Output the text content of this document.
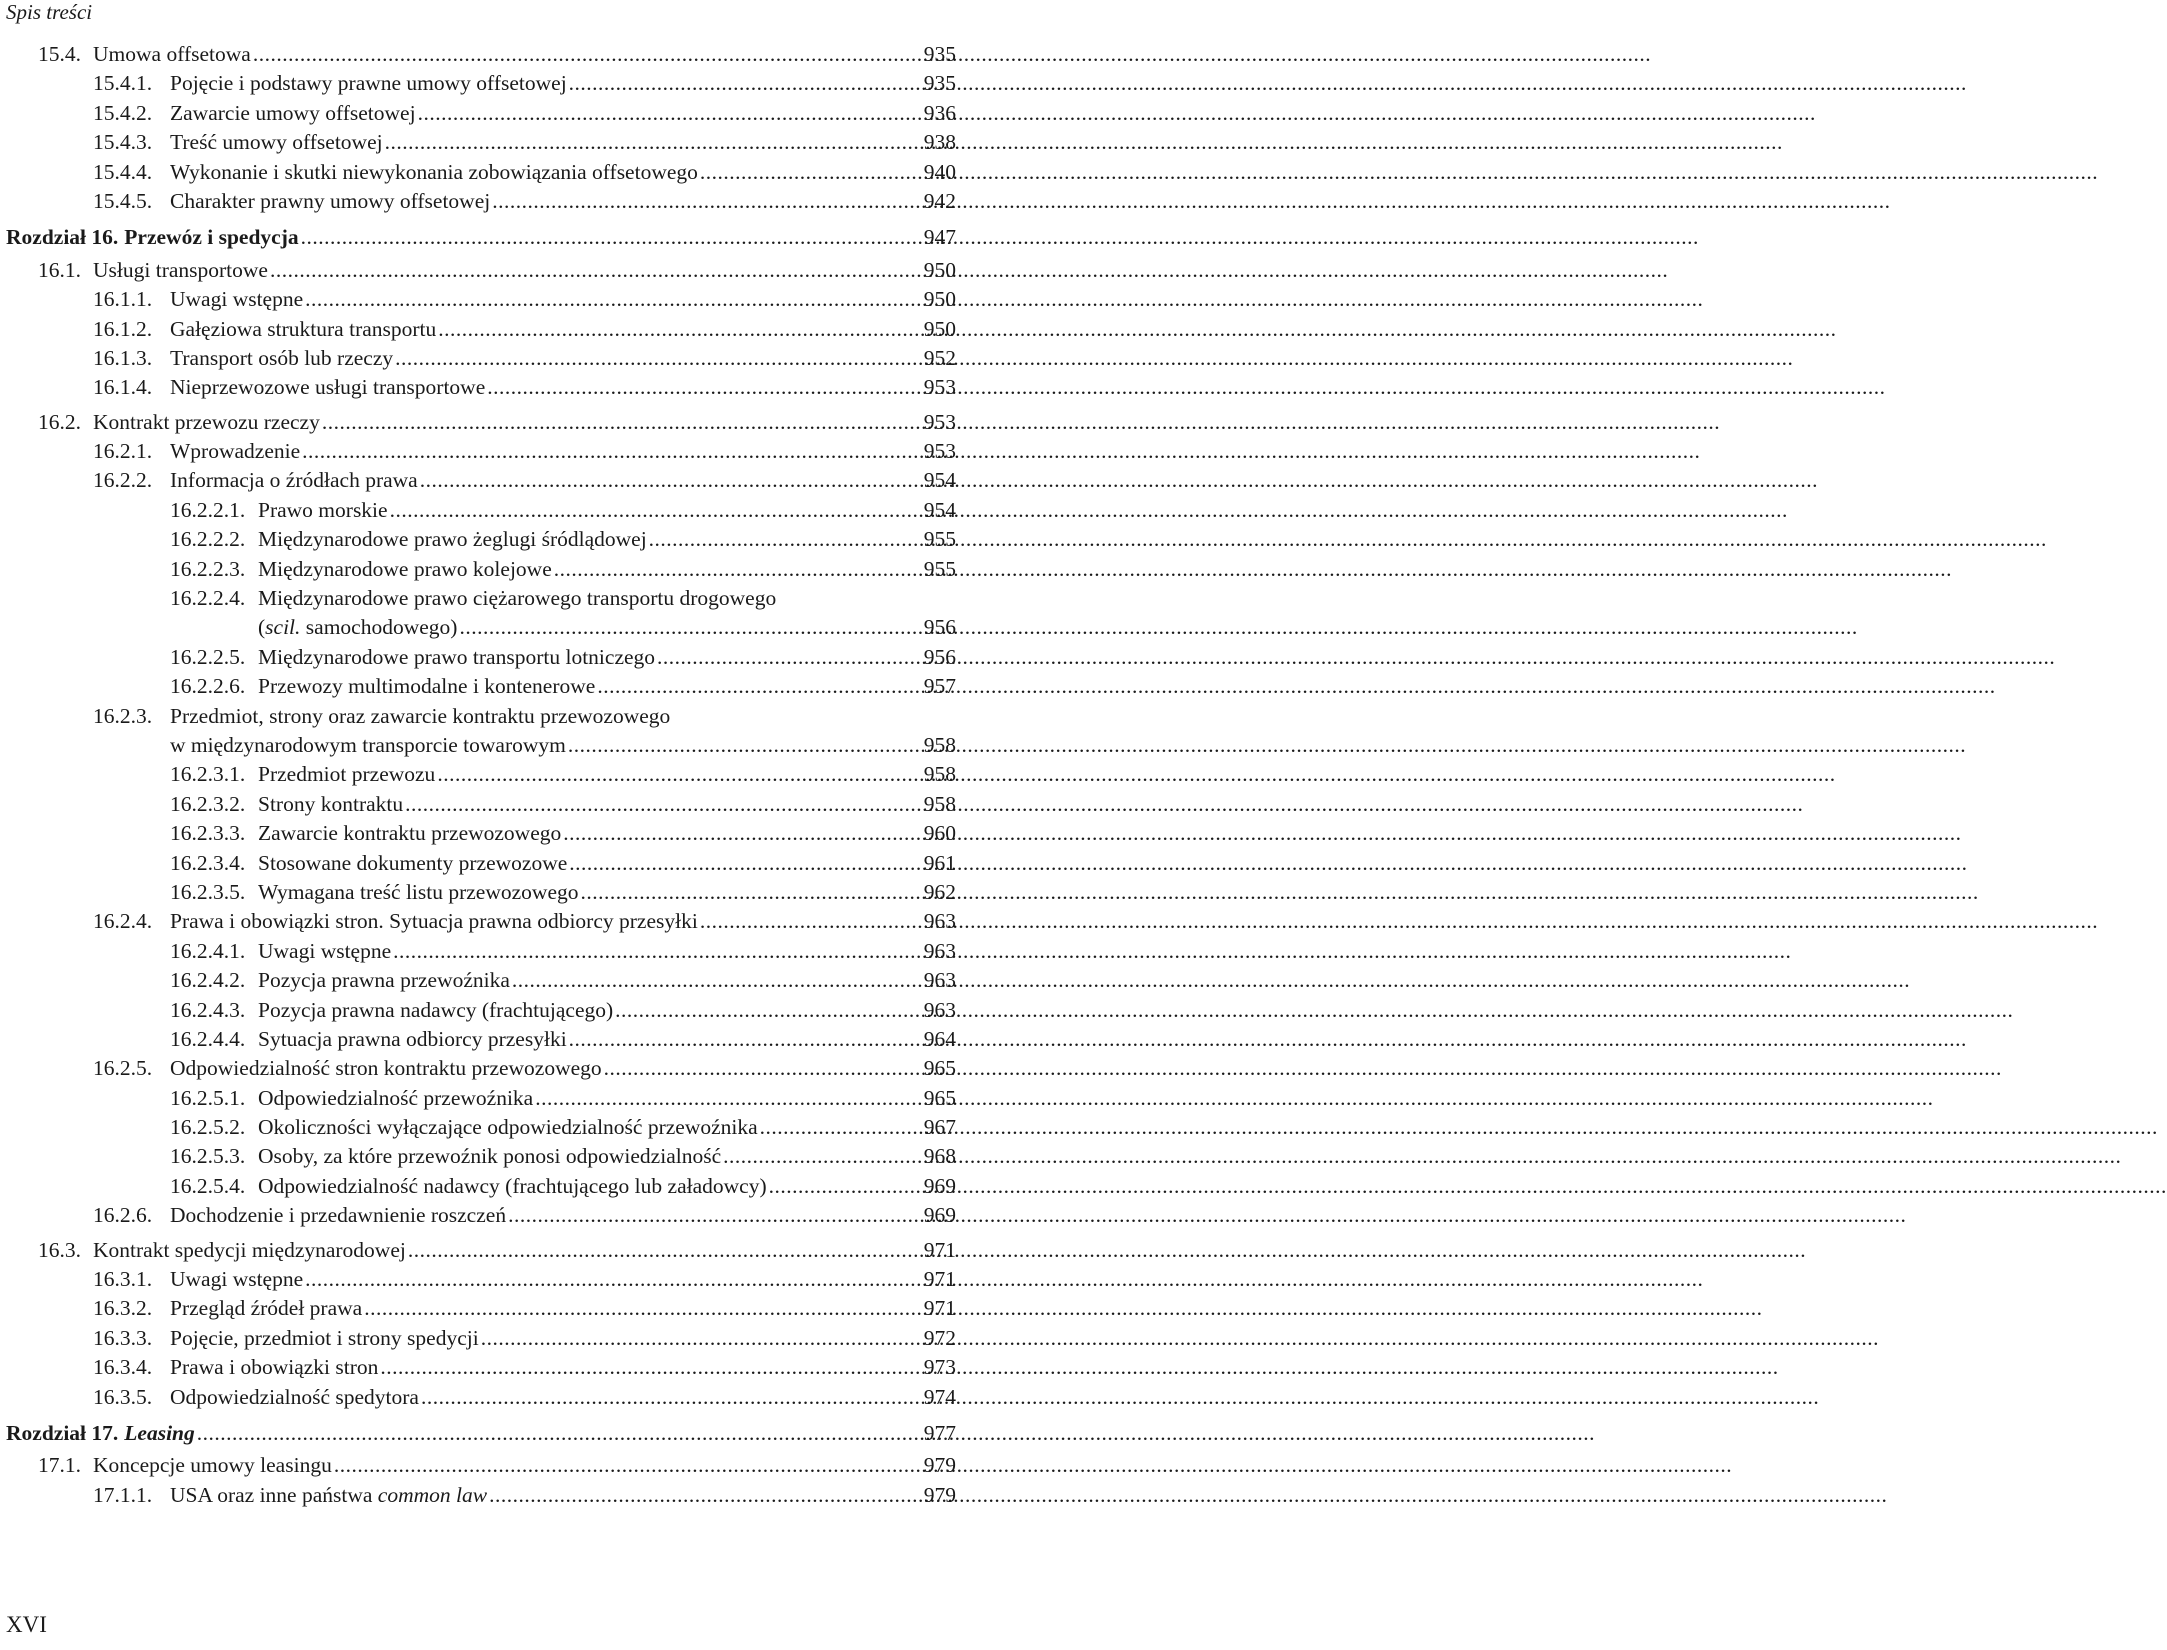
Spis treści
935
15.4. Umowa offsetowa
.....
935
15.4.1. Pojęcie i podstawy prawne umowy offsetowej
.....
936
15.4.2. Zawarcie umowy offsetowej
.....
938
15.4.3. Treść umowy offsetowej
.....
940
15.4.4. Wykonanie i skutki niewykonania zobowiązania offsetowego
.....
942
15.4.5. Charakter prawny umowy offsetowej
.....
947
Rozdział 16. Przewóz i spedycja
.....
950
16.1. Usługi transportowe
.....
950
16.1.1. Uwagi wstępne
.....
950
16.1.2. Gałęziowa struktura transportu
.....
952
16.1.3. Transport osób lub rzeczy
.....
953
16.1.4. Nieprzewozowe usługi transportowe
.....
953
16.2. Kontrakt przewozu rzeczy
.....
953
16.2.1. Wprowadzenie
.....
954
16.2.2. Informacja o źródłach prawa
.....
954
16.2.2.1. Prawo morskie
.....
955
16.2.2.2. Międzynarodowe prawo żeglugi śródlądowej
.....
955
16.2.2.3. Międzynarodowe prawo kolejowe
.....
16.2.2.4. Międzynarodowe prawo ciężarowego transportu drogowego
956
( scil. samochodowego)
.....
956
16.2.2.5. Międzynarodowe prawo transportu lotniczego
.....
957
16.2.2.6. Przewozy multimodalne i kontenerowe
.....
16.2.3. Przedmiot, strony oraz zawarcie kontraktu przewozowego
958
w międzynarodowym transporcie towarowym
.....
958
16.2.3.1. Przedmiot przewozu
.....
958
16.2.3.2. Strony kontraktu
.....
960
16.2.3.3. Zawarcie kontraktu przewozowego
.....
961
16.2.3.4. Stosowane dokumenty przewozowe
.....
962
16.2.3.5. Wymagana treść listu przewozowego
.....
963
16.2.4. Prawa i obowiązki stron. Sytuacja prawna odbiorcy przesyłki
.....
963
16.2.4.1. Uwagi wstępne
.....
963
16.2.4.2. Pozycja prawna przewoźnika
.....
963
16.2.4.3. Pozycja prawna nadawcy (frachtującego)
.....
964
16.2.4.4. Sytuacja prawna odbiorcy przesyłki
.....
965
16.2.5. Odpowiedzialność stron kontraktu przewozowego
.....
965
16.2.5.1. Odpowiedzialność przewoźnika
.....
967
16.2.5.2. Okoliczności wyłączające odpowiedzialność przewoźnika
.....
968
16.2.5.3. Osoby, za które przewoźnik ponosi odpowiedzialność
.....
969
16.2.5.4. Odpowiedzialność nadawcy (frachtującego lub załadowcy)
.....
969
16.2.6. Dochodzenie i przedawnienie roszczeń
.....
971
16.3. Kontrakt spedycji międzynarodowej
.....
971
16.3.1. Uwagi wstępne
.....
971
16.3.2. Przegląd źródeł prawa
.....
972
16.3.3. Pojęcie, przedmiot i strony spedycji
.....
973
16.3.4. Prawa i obowiązki stron
.....
974
16.3.5. Odpowiedzialność spedytora
.....
977
Rozdział 17. Leasing
.....
979
17.1. Koncepcje umowy leasingu
.....
979
17.1.1. USA oraz inne państwa common law
.....
XVI
